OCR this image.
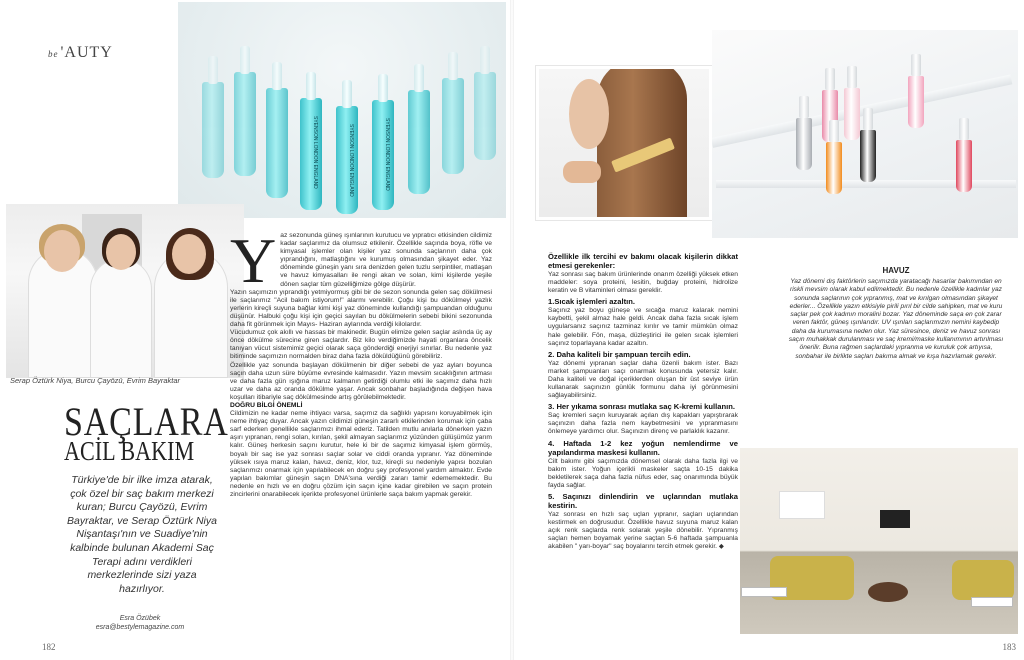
be 'AUTY
SYENSON LONDON ENGLAND	SYENSON LONDON ENGLAND	SYENSON LONDON ENGLAND
Serap Öztürk Niya, Burcu Çayözü, Evrim Bayraktar
SAÇLARA
ACİL BAKIM
Türkiye'de bir ilke imza atarak, çok özel bir saç bakım merkezi kuran; Burcu Çayözü, Evrim Bayraktar, ve Serap Öztürk Niya Nişantaşı'nın ve Suadiye'nin kalbinde bulunan Akademi Saç Terapi adını verdikleri merkezlerinde sizi yaza hazırlıyor.
Esra Özübek
esra@bestylemagazine.com
182
Y az sezonunda güneş ışınlarının kurutucu ve yıpratıcı etkisinden cildimiz kadar saçlarımız da olumsuz etkilenir. Özellikle saçında boya, röfle ve kimyasal işlemler olan kişiler yaz sonunda saçlarının daha çok yıprandığını, matlaştığını ve kurumuş olmasından şikayet eder. Yaz döneminde güneşin yanı sıra denizden gelen tuzlu serpintiler, matlaşan ve havuz kimyasalları ile rengi akan ve solan, kimi kişilerde yeşile dönen saçlar tüm güzelliğimize gölge düşürür.

Yazın saçımızın yıprandığı yetmiyormuş gibi bir de sezon sonunda gelen saç dökülmesi ile saçlarımız "Acil bakım istiyorum!" alarmı verebilir. Çoğu kişi bu dökülmeyi yazlık yerlerin kireçli suyuna bağlar kimi kişi yaz döneminde kullandığı şampuandan olduğunu düşünür. Halbuki çoğu kişi için geçici sayılan bu dökülmelerin sebebi bikini sezonunda daha fit görünmek için Mayıs- Haziran aylarında verdiği kilolardır.

Vücudumuz çok akıllı ve hassas bir makinedir. Bugün elimize gelen saçlar aslında üç ay önce dökülme sürecine giren saçlardır. Biz kilo verdiğimizde hayati organlara öncelik tanıyan vücut sistemimiz geçici olarak saça gönderdiği enerjiyi sınırlar. Bu nedenle yaz bitiminde saçımızın normalden biraz daha fazla döküldüğünü görebiliriz.

Özellikle yaz sonunda başlayan dökülmenin bir diğer sebebi de yaz ayları boyunca saçın daha uzun süre büyüme evresinde kalmasıdır. Yazın mevsim sıcaklığının artması ve daha fazla gün ışığına maruz kalmanın getirdiği olumlu etki ile saçımız daha hızlı uzar ve daha az oranda dökülme yaşar. Ancak sonbahar başladığında değişen hava koşulları itibariyle saç dökülmesinde artış görülebilmektedir.

DOĞRU BİLGİ ÖNEMLİ

Cildimizin ne kadar neme ihtiyacı varsa, saçımız da sağlıklı yapısını koruyabilmek için neme ihtiyaç duyar. Ancak yazın cildimizi güneşin zararlı etkilerinden korumak için çaba sarf ederken genellikle saçlarımızı ihmal ederiz. Tatilden mutlu anılarla dönerken yazın aşırı yıpranan, rengi solan, kırılan, şekil almayan saçlarımız yüzünden gülüşümüz yarım kalır. Güneş herkesin saçını kurutur, hele ki bir de saçımız kimyasal işlem görmüş, boyalı bir saç ise yaz sonrası saçlar solar ve ciddi oranda yıpranır. Yaz döneminde yüksek ısıya maruz kalan, havuz, deniz, klor, tuz, kireçli su nedeniyle yapısı bozulan saçlarımızı onarmak için yapılabilecek en doğru şey profesyonel yardım almaktır. Evde yapılan bakımlar güneşin saçın DNA'sına verdiği zararı tamir edememektedir. Bu nedenle en hızlı ve en doğru çözüm için saçın içine kadar girebilen ve saçın protein zincirlerini onarabilecek içerikte profesyonel ürünlerle saça bakım yapmak gerekir.

Özellikle ilk tercihi ev bakımı olacak kişilerin dikkat etmesi gerekenler:

Yaz sonrası saç bakım ürünlerinde onarım özelliği yüksek etken maddeler: soya proteini, lesitin, buğday proteini, hidrolize keratin ve B vitaminleri olması gereklir.

1.Sıcak işlemleri azaltın.

Saçınız yaz boyu güneşe ve sıcağa maruz kalarak nemini kaybetti, şekil almaz hale geldi. Ancak daha fazla sıcak işlem uygularsanız saçınız tazminaz kırılır ve tamir mümkün olmaz hale gelebilir. Fön, maşa, düzleştirici ile gelen sıcak işlemleri saçınız toparlayana kadar azaltın.

2. Daha kaliteli bir şampuan tercih edin.

Yaz dönemi yıpranan saçlar daha özenli bakım ister. Bazı market şampuanları saçı onarmak konusunda yetersiz kalır. Daha kaliteli ve doğal içeriklerden oluşan bir üst seviye ürün kullanarak saçınızın günlük formunu daha iyi görünmesini sağlayabilirsiniz.

3. Her yıkama sonrası mutlaka saç K-kremi kullanın.

Saç kremleri saçın kuruyarak açılan dış kapakları yapıştırarak saçınızın daha fazla nem kaybetmesini ve yıpranmasını önlemeye yardımcı olur. Saçınızın direnç ve parlaklık kazanır.

4. Haftada 1-2 kez yoğun nemlendirme ve yapılandırma maskesi kullanın.

Cilt bakımı gibi saçımızda dönemsel olarak daha fazla ilgi ve bakım ister. Yoğun içerikli maskeler saçta 10-15 dakika bekletilerek saça daha fazla nüfus eder, saç onarımında büyük fayda sağlar.

5. Saçınızı dinlendirin ve uçlarından mutlaka kestirin.

Yaz sonrası en hızlı saç uçları yıpranır, saçları uçlarından kestirmek en doğrusudur. Özellikle havuz suyuna maruz kalan açık renk saçlarda renk solarak yeşile dönebilir. Yıpranmış saçları hemen boyamak yerine saçtan 5-6 haftada şampuanla akabilen " yarı-boyar" saç boyalarını tercih etmek gerekir. ◆

HAVUZ
Yaz dönemi dış faktörlerin saçımızda yaratacağı hasarlar bakımından en riskli mevsim olarak kabul edilmektedir. Bu nedenle özellikle kadınlar yaz sonunda saçlarının çok yıpranmış, mat ve kırılgan olmasından şikayet ederler... Özellikle yazın etkisiyle pirili pırıl bir cilde sahipken, mat ve kuru saçlar pek çok kadının moralini bozar. Yaz döneminde saça en çok zarar veren faktör, güneş ışınlarıdır. UV ışınları saçlarımızın nemini kaybedip daha da kurumasına neden olur. Yaz süresince, deniz ve havuz sonrası saçın muhakkak durulanması ve saç kremi/maske kullanımının artırılması önerilir. Buna rağmen saçlardaki yıpranma ve kuruluk çok artıyısa, sonbahar ile birlikte saçları bakıma almak ve kışa hazırlamak gerekir.
183
